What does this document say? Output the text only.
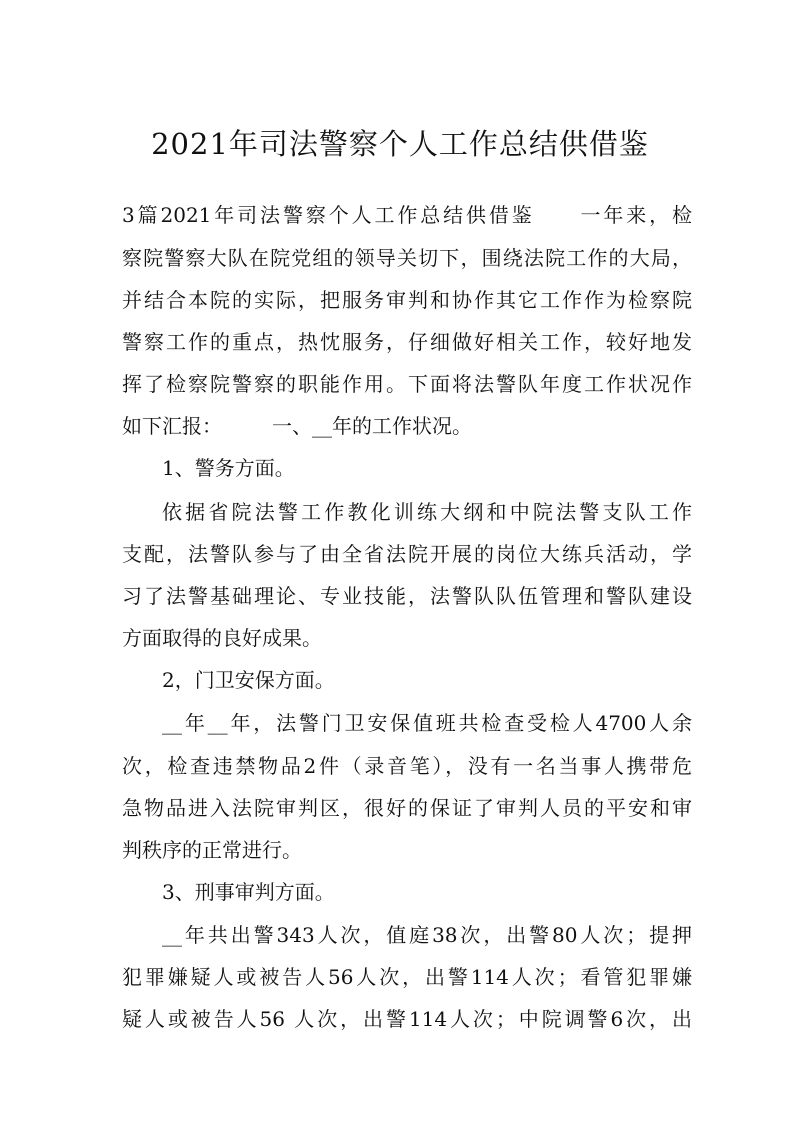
2021年司法警察个人工作总结供借鉴
3篇2021年司法警察个人工作总结供借鉴　　一年来，检
察院警察大队在院党组的领导关切下，围绕法院工作的大局，
并结合本院的实际，把服务审判和协作其它工作作为检察院
警察工作的重点，热忱服务，仔细做好相关工作，较好地发
挥了检察院警察的职能作用。下面将法警队年度工作状况作
如下汇报：　　　一、__年的工作状况。
1、警务方面。
依据省院法警工作教化训练大纲和中院法警支队工作
支配，法警队参与了由全省法院开展的岗位大练兵活动，学
习了法警基础理论、专业技能，法警队队伍管理和警队建设
方面取得的良好成果。
2，门卫安保方面。
__年__年，法警门卫安保值班共检查受检人4700人余
次，检查违禁物品2件（录音笔），没有一名当事人携带危
急物品进入法院审判区，很好的保证了审判人员的平安和审
判秩序的正常进行。
3、刑事审判方面。
__年共出警343人次，值庭38次，出警80人次；提押
犯罪嫌疑人或被告人56人次，出警114人次；看管犯罪嫌
疑人或被告人56 人次，出警114人次；中院调警6次，出
